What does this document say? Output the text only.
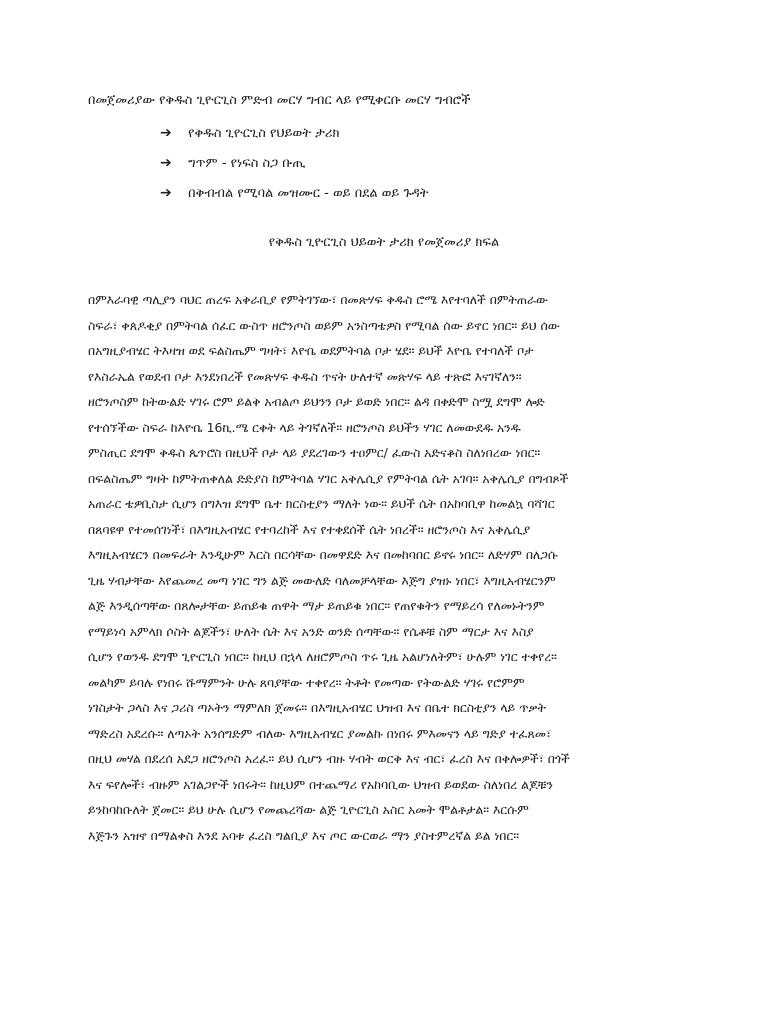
በመጀመሪያው የቅዱስ ጊዮርጊስ ምድብ መርሃ ግብር ላይ የሚቀርቡ መርሃ ግብሮች
➔ የቅዱስ ጊዮርጊስ የህይወት ታሪክ
➔ ግጥም - የነፍስ ስጋ ቡጢ
➔ በቅብብል የሚባል መዝሙር - ወይ በደል ወይ ጉዳት
የቅዱስ ጊዮርጊስ ህይወት ታሪክ የመጀመሪያ ክፍል
በምእራባዊ ጣሊያን ባህር ጠረፍ አቅራቢያ የምትገኘው፣ በመጽሃፍ ቅዱስ ሮሜ እየተባለች በምትጠራው
ስፍራ፣ ቀጰዶቂያ በምትባል ሰፈር ውስጥ ዘሮንጦስ ወይም አንስጣቴዎስ የሚባል ሰው ይኖር ነበር። ይህ ሰው
በአግዚያብሄር ትእዛዝ ወደ ፍልስጤም ግዛት፣ እዮቤ ወደምትባል ቦታ ሄደ። ይህች እዮቤ የተባለች ቦታ
የእስራኤል የወደብ ቦታ እንደነበረች የመጽሃፍ ቅዱስ ጥናት ሁለተኛ መጽሃፍ ላይ ተጽፎ እናገኛለን።
ዘሮንጦስም ከትውልድ ሃገሩ ሮም ይልቅ አብልጦ ይህንን ቦታ ይወድ ነበር። ልዳ በቀድሞ ስሟ ደግሞ ሎድ
የተሰኘችው ስፍራ ከእዮቤ 16ኪ.ሜ ርቀት ላይ ትገኛለች። ዘሮንጦስ ይህችን ሃገር ለመውደዱ አንዱ
ምስጢር ደግሞ ቅዱስ ጴጥሮስ በዚህች ቦታ ላይ ያደረገውን ተዐምር/ ፈውስ አድናቆስ ስለነበረው ነበር።
በፍልስጤም ግዛት ከምትጠቀለል ድድያስ ከምትባል ሃገር አቅሌሲያ የምትባል ሴት አገባ። አቅሌሲያ በግብጾች
አጠራር ቴዎቢስታ ሲሆን በግእዝ ደግሞ ቤተ ክርስቲያን ማለት ነው። ይህች ሴት በአከባቢዋ ከመልኳ ባሻገር
በጸባዩዋ የተመሰገነች፣ በእግዚአብሄር የተባረከች እና የተቀደሰች ሴት ነበረች። ዘሮንጦስ እና አቅሌሲያ
እግዚአብሄርን በመፍራት እንዲሁም እርስ በርሳቸው በመዋደድ እና በመከባበር ይኖሩ ነበር። ለድሃም በለጋሱ
ጊዜ ሃብታቸው እየጨመረ መጣ ነገር ግን ልጅ መውለድ ባለመቻላቸው እጅግ ያዝኑ ነበር፣ እግዚአብሄርንም
ልጅ እንዲሰጣቸው በጸሎታቸው ይጠይቁ ጠዋት ማታ ይጠይቁ ነበር። የጠየቁትን የማይረሳ የለመኑትንም
የማይነሳ አምላክ ሶስት ልጆችን፣ ሁለት ሴት እና አንድ ወንድ ሰጣቸው። የሴቶቹ ስም ማርታ እና እስያ
ሲሆን የወንዱ ደግሞ ጊዮርጊስ ነበር። ከዚህ በኋላ ለዘሮምጦስ ጥሩ ጊዜ አልሆነለትም፣ ሁሉም ነገር ተቀየረ።
መልካም ይባሉ የነበሩ ሹማምንት ሁሉ ጸባያቸው ተቀየረ። ትቶት የመጣው የትውልድ ሃገሩ የሮምም
ነገስታት ጋላስ እና ጋሪስ ጣኦትን ማምለክ ጀመሩ። በእግዚአብሄር ህዝብ እና በቤተ ክርስቲያን ላይ ጥቃት
ማድረስ አደረሱ። ለጣኦት አንሰግድም ብለው እግዚአብሄር ያመልኩ በነበሩ ምእመናን ላይ ግድያ ተፈጸመ፣
በዚህ መሃል በደረሰ አደጋ ዘሮንጦስ አረፈ። ይህ ሲሆን ብዙ ሃብት ወርቅ እና ብር፣ ፈረስ እና በቅሎዎች፣ በጎች
እና ፍየሎች፣ ብዙም አገልጋዮች ነበሩት። ከዚህም በተጨማሪ የአከባቢው ህዝብ ይወደው ስለነበረ ልጆቹን
ይንከባከቡለት ጀመር። ይህ ሁሉ ሲሆን የመጨረሻው ልጅ ጊዮርጊስ አስር አመት ሞልቶታል። እርሱም
እጅጉን አዝኖ በማልቀስ እንደ አባቱ ፈረስ ግልቢያ እና ጦር ውርወራ ማን ያስተምረኛል ይል ነበር።
